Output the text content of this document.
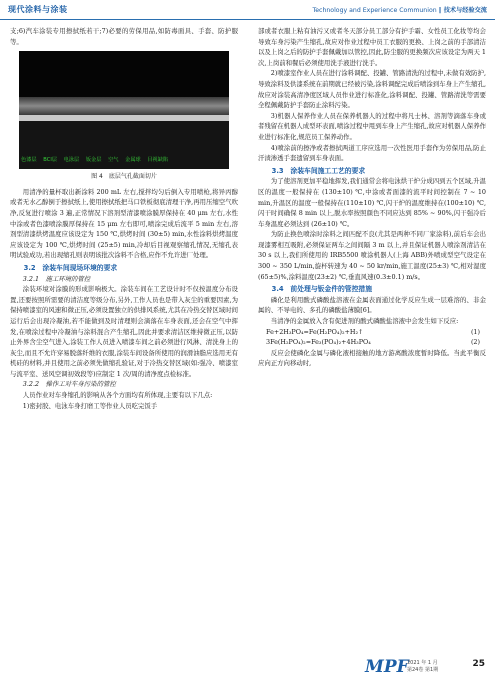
现代涂料与涂装	Technology and Experience Communion ‖ 技术与经验交流

支;6)汽车涂装专用擦拭纸若干;7)必要的劳保用品,如防毒面具、手套、防护服等。

色漆层 BCl层 电泳层 钣金层 空气 金属球 目视缺陷
图 4　底层气孔截面切片

用清净的量杯取出新涂料 200 mL 左右,搅拌均匀后倒入专用喷枪,将异丙醇或者无水乙醇倒于擦拭纸上,使用擦拭纸把马口铁板彻底清理干净,再用压缩空气吹净,反复进行喷涂 3 遍,正常情况下溶剂型清漆喷涂膜厚保持在 40 μm 左右,水性中涂或者色漆喷涂膜厚保持在 15 μm 左右即可,喷涂完成后流平 5 min 左右,溶剂型清漆烘烤温度应该设定为 150 ℃,烘烤时间 (30±5) min,水性涂料烘烤温度应该设定为 100 ℃,烘烤时间 (25±5) min,冷却后目视观察缩孔情况,无缩孔表明试验成功,若出现缩孔则表明该批次涂料不合格,应作不允许进厂处理。

3.2　涂装车间现场环境的要求

3.2.1　施工环境的管控

涂装环境对涂膜的形成影响极大。涂装车间在工艺设计时不仅按温度分布设置,还要按照所需要的清洁度等级分布,另外,工作人员也是带入灰尘的重要因素,为保持喷漆室的风速和微正压,必须设置独立的供排风系统,尤其在冷热交替区域时间运行后会出现冷凝油,若不能做到及时清理则会滴落在车身表面,还会在空气中挥发,在喷涂过程中冷凝油与涂料混合产生缩孔,因此并要求清洁区维持微正压,以防止外界含尘空气进入,涂装工作人员进入喷漆车间之前必须进行风淋、清洗身上的灰尘,而且不允许穿易脱落纤维的衣服,涂装车间设备所使用的润滑油脂应选用无有机硅的材料,并且使用之前必须先做缩孔验证,对于冷热交替区域(如:强冷、喷漆室与流平室、送风空调初效段等)应制定 1 次/周的清净度点检标准。

3.2.2　操作工对车身污染的管控

人员作业对车身缩孔的影响从各个方面均有所体现,主要有以下几点:

1)密封胶、电泳车身打磨工等作业人员吃完饭手

部或者衣服上粘有油污又或者冬天部分员工部分有护手霜、女性员工化妆等均会导致车身污染产生缩孔,故应对作业过程中员工衣服的更换、上岗之前的手部清洁以及上岗之后的防护手套佩戴加以管控,因此,防尘服的更换频次应该设定为两天 1 次,上岗前和餐后必须使用洗手液进行洗手。

2)喷漆室作业人员在进行涂料调配、投罐、管路清洗的过程中,未做有效防护,导致涂料及供漆系统在前期就已经被污染,涂料调配完成后喷涂到车身上产生缩孔,故应对涂装高清净度区域人员作业进行标准化,涂料调配、投罐、管路清洗等需要全程佩戴防护手套防止涂料污染。

3)机器人保养作业人员在保养机器人的过程中将凡士林、溶剂等滴落车身或者残留在机器人成型环表面,喷涂过程中甩到车身上产生缩孔,故应对机器人保养作业进行标准化,规范员工保养动作。

4)喷涂前的擦净或者擦拭两道工序应选用一次性医用手套作为劳保用品,防止汗渍渗透手套遗留到车身表面。

3.3　涂装车间施工工艺的要求

为了使溶剂更加平稳地挥发,我们通常会将电泳烘干炉分成四到五个区域,升温区的温度一般保持在 (130±10) ℃,中涂或者面漆的流平时间控制在 7 ~ 10 min,升温区的温度一般保持在(110±10) ℃,闪干炉的温度维持在(100±10) ℃,闪干时间确保 8 min 以上,脱水率按照颜色不同应达到 85% ~ 90%,闪干强冷后车身温度必须达到 (26±10) ℃。

为防止换色喷涂时涂料之间匹配不良(尤其是两种不同厂家涂料),前后车会出现漆雾相互吸附,必须保证两车之间间隔 3 m 以上,并且保证机器人喷涂剂清洁在 30 s 以上,我们所使用的 IRB5500 喷涂机器人(上海 ABB)外喷成型空气设定在 300 ~ 350 L/min,旋杯转速为 40 ~ 50 kr/min,施工温度(25±3) ℃,相对湿度(65±5)%,涂料温度(23±2) ℃,垂直风速(0.3±0.1) m/s。

3.4　前处理与钣金件的管控措施

磷化是利用酸式磷酸盐溶液在金属表面通过化学反应生成一层难溶的、非金属的、不导电的、多孔的磷酸盐薄膜[6]。

当清净的金属放入含有促进剂的酸式磷酸盐溶液中会发生如下反应:

Fe+2H₃PO₄=Fe(H₂PO₄)₂+H₂↑	(1)
3Fe(H₂PO₄)₂=Fe₃(PO₄)₂+4H₃PO₄	(2)

反应会使磷化金属与磷化液相接触的地方游离酸浓度暂时降低。当此平衡反应向正方向移动时,

MPF
2021 年 1 月
第24卷 第1期
25
